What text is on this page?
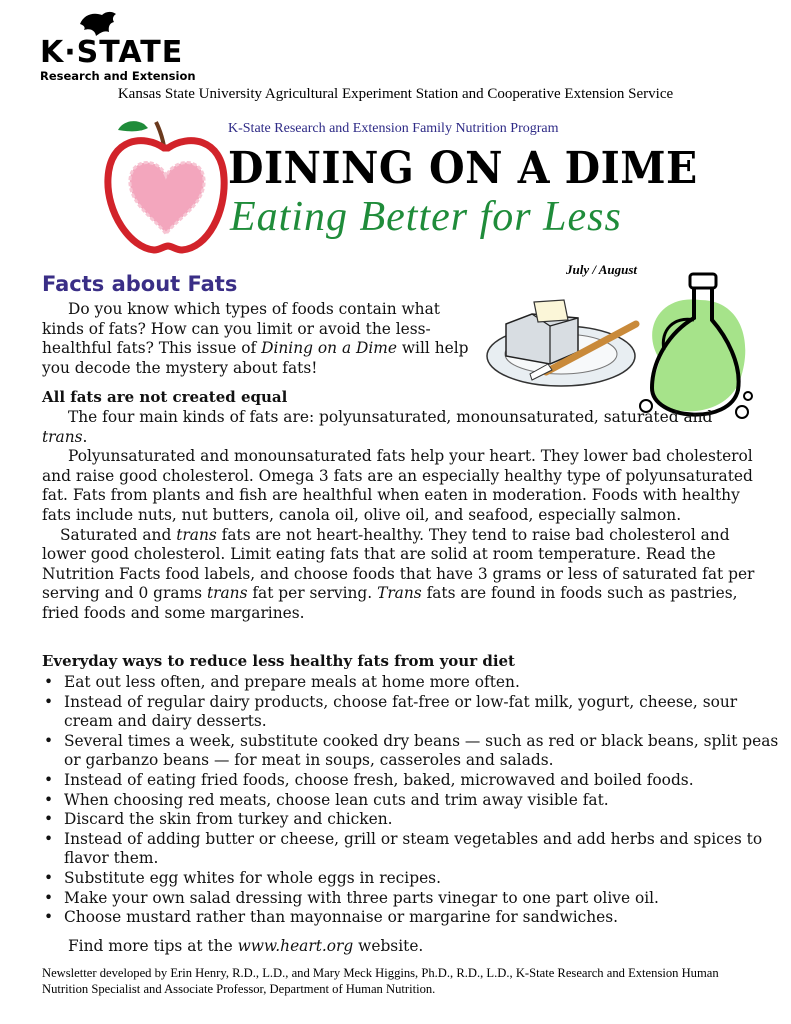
K·STATE
Research and Extension
Kansas State University Agricultural Experiment Station and Cooperative Extension Service
K-State Research and Extension Family Nutrition Program
DINING ON A DIME
Eating Better for Less
July / August
Facts about Fats
Do you know which types of foods contain what kinds of fats? How can you limit or avoid the less-healthful fats? This issue of Dining on a Dime will help you decode the mystery about fats!
All fats are not created equal

The four main kinds of fats are: polyunsaturated, monounsaturated, saturated and trans.

Polyunsaturated and monounsaturated fats help your heart. They lower bad cholesterol and raise good cholesterol. Omega 3 fats are an especially healthy type of polyunsaturated fat. Fats from plants and fish are healthful when eaten in moderation. Foods with healthy fats include nuts, nut butters, canola oil, olive oil, and seafood, especially salmon.

Saturated and trans fats are not heart-healthy. They tend to raise bad cholesterol and lower good cholesterol. Limit eating fats that are solid at room temperature. Read the Nutrition Facts food labels, and choose foods that have 3 grams or less of saturated fat per serving and 0 grams trans fat per serving. Trans fats are found in foods such as pastries, fried foods and some margarines.

Everyday ways to reduce less healthy fats from your diet
• Eat out less often, and prepare meals at home more often.
• Instead of regular dairy products, choose fat-free or low-fat milk, yogurt, cheese, sour cream and dairy desserts.
• Several times a week, substitute cooked dry beans — such as red or black beans, split peas or garbanzo beans — for meat in soups, casseroles and salads.
• Instead of eating fried foods, choose fresh, baked, microwaved and boiled foods.
• When choosing red meats, choose lean cuts and trim away visible fat.
• Discard the skin from turkey and chicken.
• Instead of adding butter or cheese, grill or steam vegetables and add herbs and spices to flavor them.
• Substitute egg whites for whole eggs in recipes.
• Make your own salad dressing with three parts vinegar to one part olive oil.
• Choose mustard rather than mayonnaise or margarine for sandwiches.
Find more tips at the www.heart.org website.
Newsletter developed by Erin Henry, R.D., L.D., and Mary Meck Higgins, Ph.D., R.D., L.D., K-State Research and Extension Human Nutrition Specialist and Associate Professor, Department of Human Nutrition.
